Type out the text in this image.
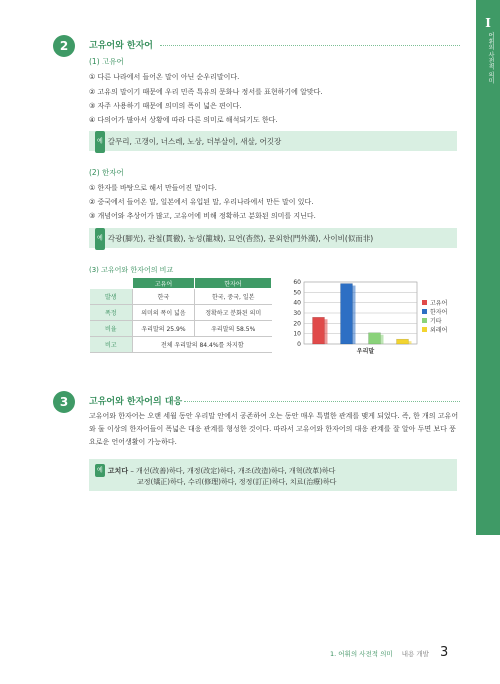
I
어휘의 사전적 의미
2	고유어와 한자어
(1) 고유어
① 다른 나라에서 들어온 말이 아닌 순우리말이다.
② 고유의 말이기 때문에 우리 민족 특유의 문화나 정서를 표현하기에 알맞다.
③ 자주 사용하기 때문에 의미의 폭이 넓은 편이다.
④ 다의어가 많아서 상황에 따라 다른 의미로 해석되기도 한다.
예 갈무리, 고갱이, 너스레, 노상, 더부살이, 새살, 어깃장
(2) 한자어
① 한자를 바탕으로 해서 만들어진 말이다.
② 중국에서 들어온 말, 일본에서 유입된 말, 우리나라에서 만든 말이 있다.
③ 개념어와 추상어가 많고, 고유어에 비해 정확하고 분화된 의미를 지닌다.
예 각광(脚光), 관철(貫徹), 농성(籠城), 묘연(杳然), 문외한(門外漢), 사이비(似而非)
(3) 고유어와 한자어의 비교
	고유어	한자어
발생	한국	한국, 중국, 일본
폭정	의미의 폭이 넓음	정확하고 분화된 의미
비율	우리말의 25.9%	우리말의 58.5%
비고	전체 우리말의 84.4%를 차지함		0
10
20
30
40
50
60
우리말
고유어
한자어
기타
외래어
3	고유어와 한자어의 대응
고유어와 한자어는 오랜 세월 동안 우리말 안에서 공존하여 오는 동안 매우 특별한 관계를 맺게 되었다. 즉, 한 개의 고유어와 둘 이상의 한자어들이 폭넓은 대응 관계를 형성한 것이다. 따라서 고유어와 한자어의 대응 관계를 잘 알아 두면 보다 풍요로운 언어생활이 가능하다.
예 고치다 – 개선(改善)하다, 개정(改定)하다, 개조(改造)하다, 개혁(改革)하다
교정(矯正)하다, 수리(修理)하다, 정정(訂正)하다, 치료(治療)하다
1. 어휘의 사전적 의미 내용 개발 3
